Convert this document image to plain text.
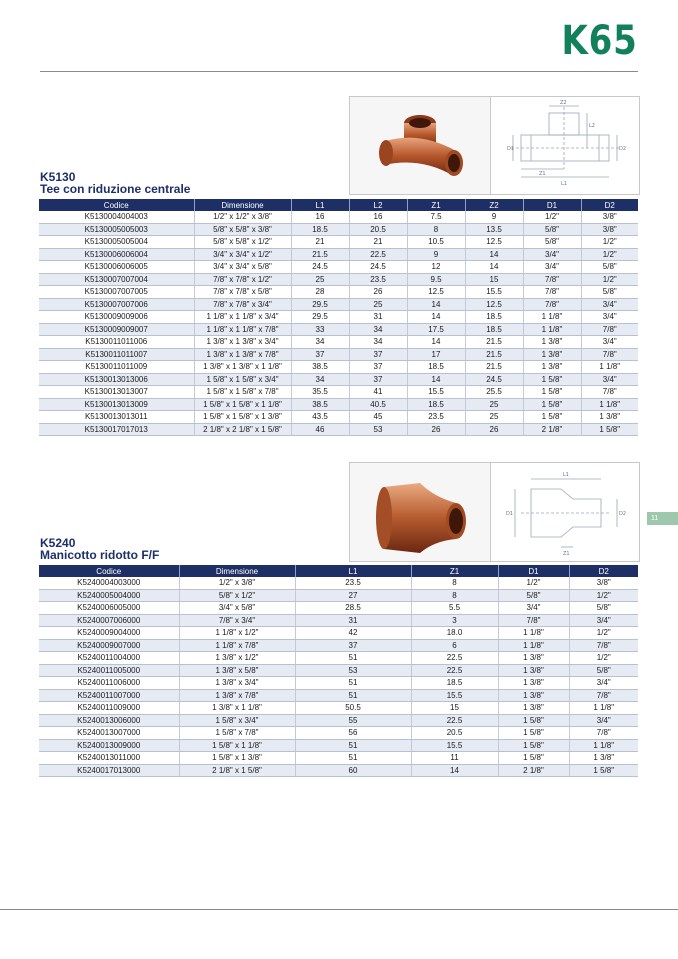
K65
Z2
L2
D1	D2
L1
Z1
K5130
Tee con riduzione centrale
Codice	Dimensione	L1	L2	Z1	Z2	D1	D2
K5130004004003	1/2" x 1/2" x 3/8"	16	16	7.5	9	1/2"	3/8"
K5130005005003	5/8" x 5/8" x 3/8"	18.5	20.5	8	13.5	5/8"	3/8"
K5130005005004	5/8" x 5/8" x 1/2"	21	21	10.5	12.5	5/8"	1/2"
K5130006006004	3/4" x 3/4" x 1/2"	21.5	22.5	9	14	3/4"	1/2"
K5130006006005	3/4" x 3/4" x 5/8"	24.5	24.5	12	14	3/4"	5/8"
K5130007007004	7/8" x 7/8" x 1/2"	25	23.5	9.5	15	7/8"	1/2"
K5130007007005	7/8" x 7/8" x 5/8"	28	26	12.5	15.5	7/8"	5/8"
K5130007007006	7/8" x 7/8" x 3/4"	29.5	25	14	12.5	7/8"	3/4"
K5130009009006	1 1/8" x 1 1/8" x 3/4"	29.5	31	14	18.5	1 1/8"	3/4"
K5130009009007	1 1/8" x 1 1/8" x 7/8"	33	34	17.5	18.5	1 1/8"	7/8"
K5130011011006	1 3/8" x 1 3/8" x 3/4"	34	34	14	21.5	1 3/8"	3/4"
K5130011011007	1 3/8" x 1 3/8" x 7/8"	37	37	17	21.5	1 3/8"	7/8"
K5130011011009	1 3/8" x 1 3/8" x 1 1/8"	38.5	37	18.5	21.5	1 3/8"	1 1/8"
K5130013013006	1 5/8" x 1 5/8" x 3/4"	34	37	14	24.5	1 5/8"	3/4"
K5130013013007	1 5/8" x 1 5/8" x 7/8"	35.5	41	15.5	25.5	1 5/8"	7/8"
K5130013013009	1 5/8" x 1 5/8" x 1 1/8"	38.5	40.5	18.5	25	1 5/8"	1 1/8"
K5130013013011	1 5/8" x 1 5/8" x 1 3/8"	43.5	45	23.5	25	1 5/8"	1 3/8"
K5130017017013	2 1/8" x 2 1/8" x 1 5/8"	46	53	26	26	2 1/8"	1 5/8"
L1
D1	D2
Z1
11
K5240
Manicotto ridotto F/F
Codice	Dimensione	L1	Z1	D1	D2
K5240004003000	1/2" x 3/8"	23.5	8	1/2"	3/8"
K5240005004000	5/8" x 1/2"	27	8	5/8"	1/2"
K5240006005000	3/4" x 5/8"	28.5	5.5	3/4"	5/8"
K5240007006000	7/8" x 3/4"	31	3	7/8"	3/4"
K5240009004000	1 1/8" x 1/2"	42	18.0	1 1/8"	1/2"
K5240009007000	1 1/8" x 7/8"	37	6	1 1/8"	7/8"
K5240011004000	1 3/8" x 1/2"	51	22.5	1 3/8"	1/2"
K5240011005000	1 3/8" x 5/8"	53	22.5	1 3/8"	5/8"
K5240011006000	1 3/8" x 3/4"	51	18.5	1 3/8"	3/4"
K5240011007000	1 3/8" x 7/8"	51	15.5	1 3/8"	7/8"
K5240011009000	1 3/8" x 1 1/8"	50.5	15	1 3/8"	1 1/8"
K5240013006000	1 5/8" x 3/4"	55	22.5	1 5/8"	3/4"
K5240013007000	1 5/8" x 7/8"	56	20.5	1 5/8"	7/8"
K5240013009000	1 5/8" x 1 1/8"	51	15.5	1 5/8"	1 1/8"
K5240013011000	1 5/8" x 1 3/8"	51	11	1 5/8"	1 3/8"
K5240017013000	2 1/8" x 1 5/8"	60	14	2 1/8"	1 5/8"
